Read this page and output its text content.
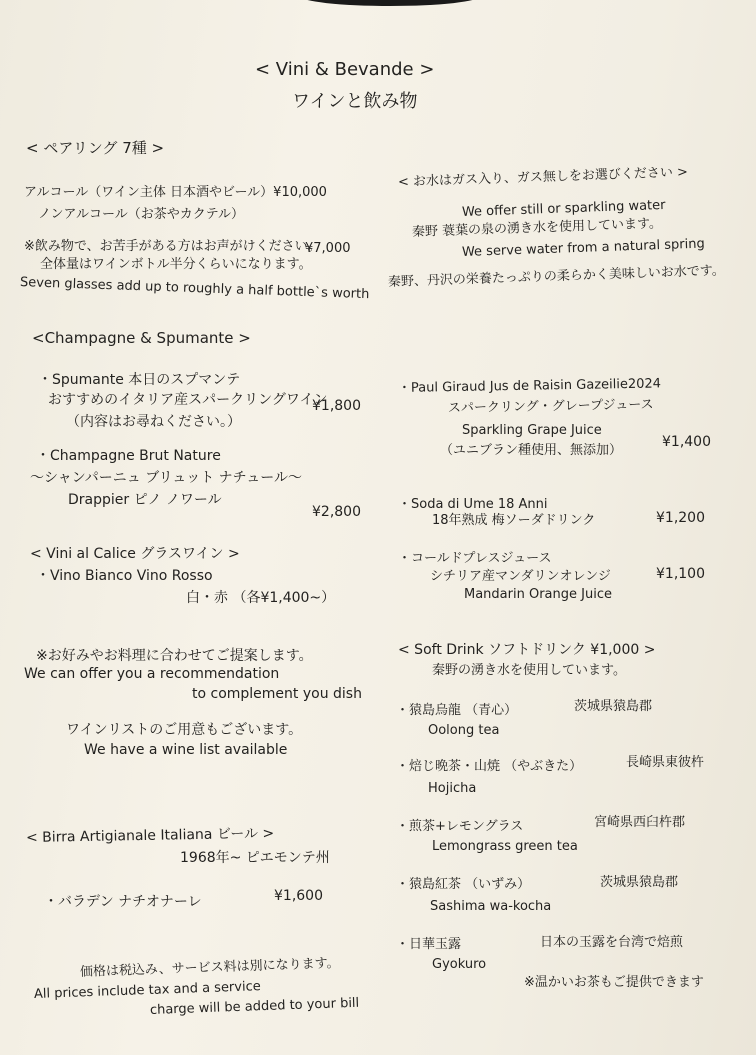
< Vini & Bevande >
ワインと飲み物
< ペアリング 7種 >
アルコール（ワイン主体 日本酒やビール）¥10,000
ノンアルコール（お茶やカクテル）
¥7,000
※飲み物で、お苦手がある方はお声がけください。
全体量はワインボトル半分くらいになります。
Seven glasses add up to roughly a half bottle`s worth
< お水はガス入り、ガス無しをお選びください >
We offer still or sparkling water
秦野 蓑葉の泉の湧き水を使用しています。
We serve water from a natural spring
秦野、丹沢の栄養たっぷりの柔らかく美味しいお水です。
<Champagne & Spumante >
・Spumante 本日のスプマンテ
¥1,800
おすすめのイタリア産スパークリングワイン
（内容はお尋ねください。）
・Champagne Brut Nature
～シャンパーニュ ブリュット ナチュール～
Drappier ピノ ノワール
¥2,800
< Vini al Calice グラスワイン >
・Vino Bianco Vino Rosso
白・赤 （各¥1,400~）
※お好みやお料理に合わせてご提案します。
We can offer you a recommendation
to complement you dish
ワインリストのご用意もございます。
We have a wine list available
< Birra Artigianale Italiana ビール >
1968年~ ピエモンテ州
・バラデン ナチオナーレ	¥1,600
価格は税込み、サービス料は別になります。
All prices include tax and a service
charge will be added to your bill
・Paul Giraud Jus de Raisin Gazeilie2024
スパークリング・グレープジュース
Sparkling Grape Juice
（ユニブラン種使用、無添加）
¥1,400
・Soda di Ume 18 Anni
18年熟成 梅ソーダドリンク	¥1,200
・コールドプレスジュース
シチリア産マンダリンオレンジ	¥1,100
Mandarin Orange Juice
< Soft Drink ソフトドリンク ¥1,000 >
秦野の湧き水を使用しています。
・猿島烏龍 （青心）	茨城県猿島郡
Oolong tea
・焙じ晩茶・山焼 （やぶきた）	長崎県東彼杵
Hojicha
・煎茶+レモングラス	宮崎県西臼杵郡
Lemongrass green tea
・猿島紅茶 （いずみ）	茨城県猿島郡
Sashima wa-kocha
・日華玉露	日本の玉露を台湾で焙煎
Gyokuro
※温かいお茶もご提供できます
